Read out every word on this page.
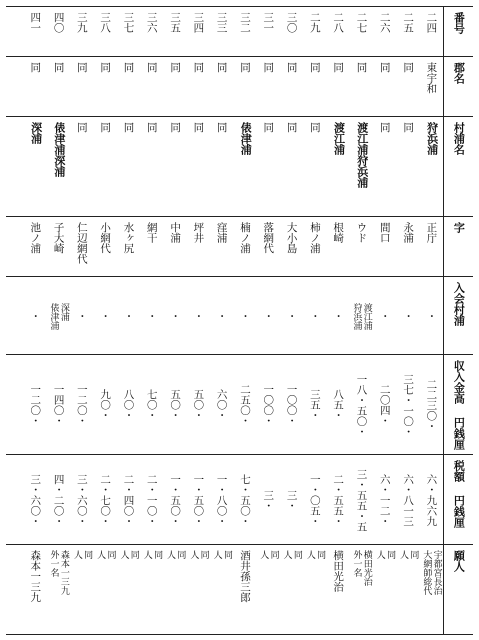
番号
郡名
村浦名
字
入会村浦
収入金高 円銭厘
税額 円銭厘
願人
二四
東宇和
狩浜浦
正庁
・
二二三〇・
六・九六九
宇都宮長治
大網師総代
二五
同
同
永浦
・
三七・一〇・
六・八一三
同
人
二六
同
同
間口
・
二〇四・
六・一二・
同
人
二七
同
渡江浦狩浜浦
ウド
渡江浦
狩浜浦
一八・五〇・
三・五五・五
横田光治
外一名
二八
同
渡江浦
根崎
・
八五・
二・五五・
横田光治
二九
同
同
柿ノ浦
・
三五・
一・〇五・
同
人
三〇
同
同
大小島
・
一〇〇・
三・
同
人
三一
同
同
落網代
・
一〇〇・
三・
同
人
三二
同
俵津浦
楠ノ浦
・
二五〇・
七・五〇・
酒井孫三郎
三三
同
同
窪浦
・
六〇・
一・八〇・
同
人
三四
同
同
坪井
・
五〇・
一・五〇・
同
人
三五
同
同
中浦
・
五〇・
一・五〇・
同
人
三六
同
同
網干
・
七〇・
二・一〇・
同
人
三七
同
同
水ヶ尻
・
八〇・
二・四〇・
同
人
三八
同
同
小網代
・
九〇・
二・七〇・
同
人
三九
同
同
仁辺網代
・
一二〇・
三・六〇・
同
人
四〇
同
俵津浦深浦
子大崎
深浦
俵津浦
一四〇・
四・二〇・
森本一三九
外一名
四一
同
深浦
池ノ浦
・
一二〇・
三・六〇・
森本一三九
